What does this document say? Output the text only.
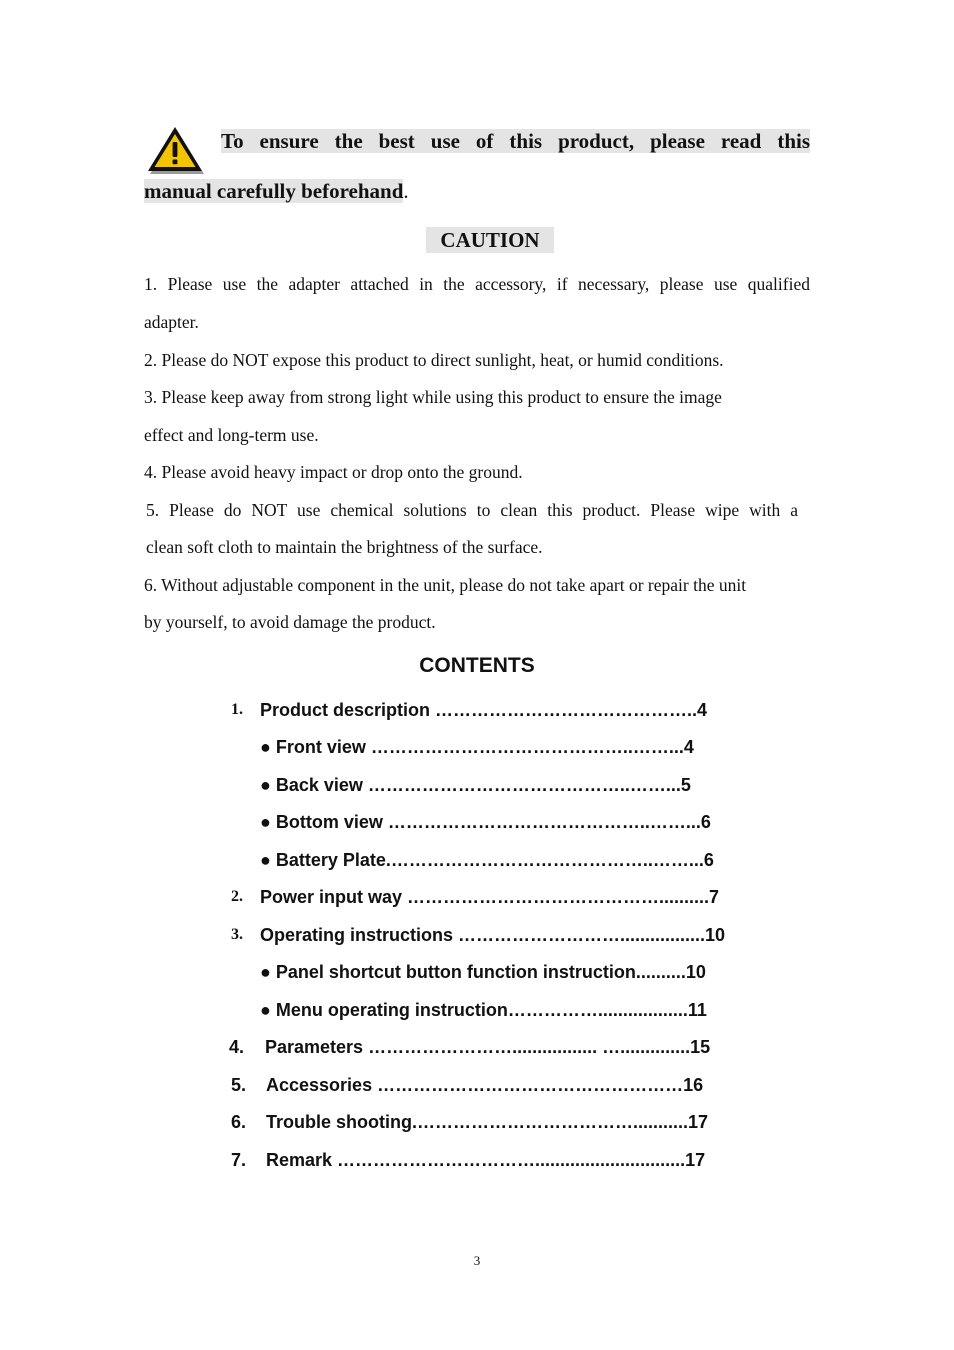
To ensure the best use of this product, please read this
manual carefully beforehand.
CAUTION
1. Please use the adapter attached in the accessory, if necessary, please use qualified
adapter.
2. Please do NOT expose this product to direct sunlight, heat, or humid conditions.
3. Please keep away from strong light while using this product to ensure the image
effect and long-term use.
4. Please avoid heavy impact or drop onto the ground.
5. Please do NOT use chemical solutions to clean this product. Please wipe with a
clean soft cloth to maintain the brightness of the surface.
6. Without adjustable component in the unit, please do not take apart or repair the unit
by yourself, to avoid damage the product.
CONTENTS
1. Product description ……………………………………..4
● Front view ……………………………………..……...4
● Back view ……………………………………..……...5
● Bottom view ……………………………………..……...6
● Battery Plate.……………………………………..……...6
2. Power input way ……………………………………..........7
3. Operating instructions ……………………….................10
● Panel shortcut button function instruction..........10
● Menu operating instruction……………..................11
4. Parameters ……………………................. …..............15
5. Accessories ……………………………………………16
6. Trouble shooting.………………………………...........17
7. Remark ……………………………..............................17
3
